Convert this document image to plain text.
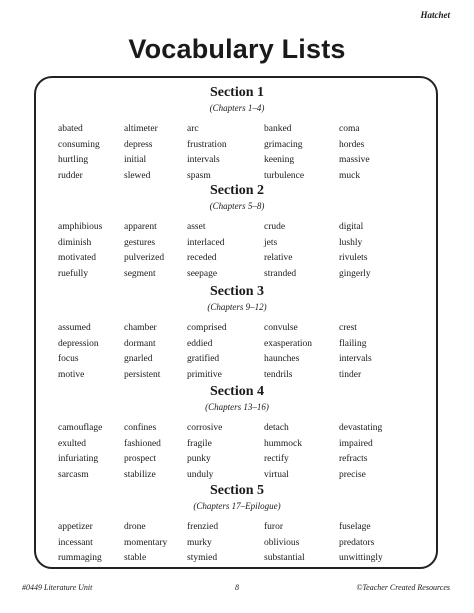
Hatchet
Vocabulary Lists
Section 1
(Chapters 1–4)
abated	altimeter	arc	banked	coma
consuming	depress	frustration	grimacing	hordes
hurtling	initial	intervals	keening	massive
rudder	slewed	spasm	turbulence	muck
Section 2
(Chapters 5–8)
amphibious	apparent	asset	crude	digital
diminish	gestures	interlaced	jets	lushly
motivated	pulverized	receded	relative	rivulets
ruefully	segment	seepage	stranded	gingerly
Section 3
(Chapters 9–12)
assumed	chamber	comprised	convulse	crest
depression	dormant	eddied	exasperation	flailing
focus	gnarled	gratified	haunches	intervals
motive	persistent	primitive	tendrils	tinder
Section 4
(Chapters 13–16)
camouflage	confines	corrosive	detach	devastating
exulted	fashioned	fragile	hummock	impaired
infuriating	prospect	punky	rectify	refracts
sarcasm	stabilize	unduly	virtual	precise
Section 5
(Chapters 17–Epilogue)
appetizer	drone	frenzied	furor	fuselage
incessant	momentary	murky	oblivious	predators
rummaging	stable	stymied	substantial	unwittingly
#0449 Literature Unit	8	©Teacher Created Resources
